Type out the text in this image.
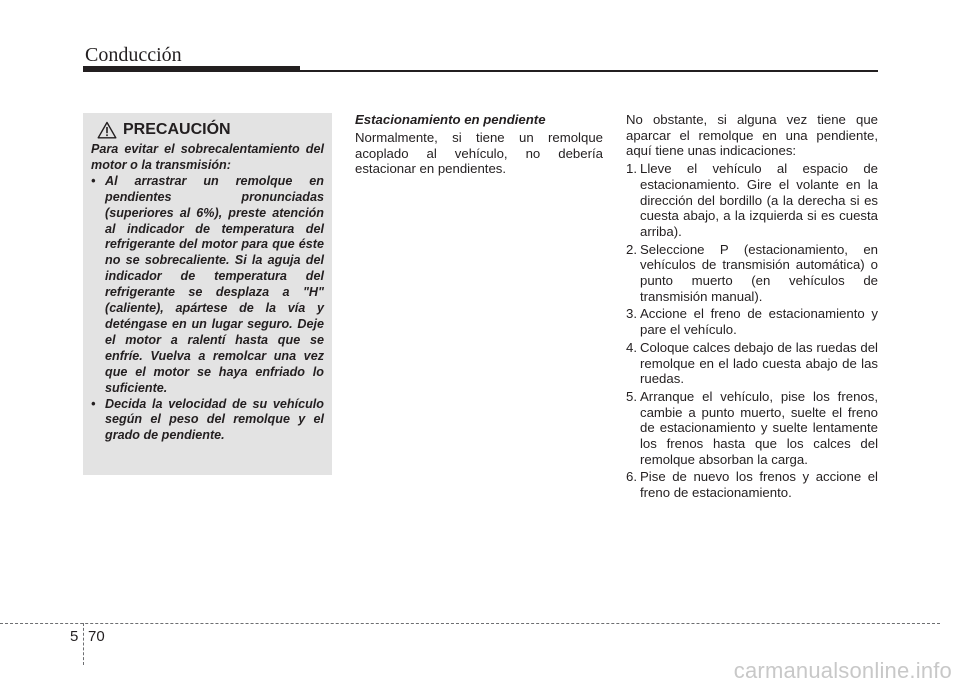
Conducción
PRECAUCIÓN

Para evitar el sobrecalentamiento del motor o la transmisión:

• Al arrastrar un remolque en pendientes pronunciadas (superiores al 6%), preste atención al indicador de temperatura del refrigerante del motor para que éste no se sobrecaliente. Si la aguja del indicador de temperatura del refrigerante se desplaza a "H" (caliente), apártese de la vía y deténgase en un lugar seguro. Deje el motor a ralentí hasta que se enfríe. Vuelva a remolcar una vez que el motor se haya enfriado lo suficiente.
• Decida la velocidad de su vehículo según el peso del remolque y el grado de pendiente.

Estacionamiento en pendiente

Normalmente, si tiene un remolque acoplado al vehículo, no debería estacionar en pendientes.

No obstante, si alguna vez tiene que aparcar el remolque en una pendiente, aquí tiene unas indicaciones:

1. Lleve el vehículo al espacio de estacionamiento. Gire el volante en la dirección del bordillo (a la derecha si es cuesta abajo, a la izquierda si es cuesta arriba).
2. Seleccione P (estacionamiento, en vehículos de transmisión automática) o punto muerto (en vehículos de transmisión manual).
3. Accione el freno de estacionamiento y pare el vehículo.
4. Coloque calces debajo de las ruedas del remolque en el lado cuesta abajo de las ruedas.
5. Arranque el vehículo, pise los frenos, cambie a punto muerto, suelte el freno de estacionamiento y suelte lentamente los frenos hasta que los calces del remolque absorban la carga.
6. Pise de nuevo los frenos y accione el freno de estacionamiento.
5 70
carmanualsonline.info
